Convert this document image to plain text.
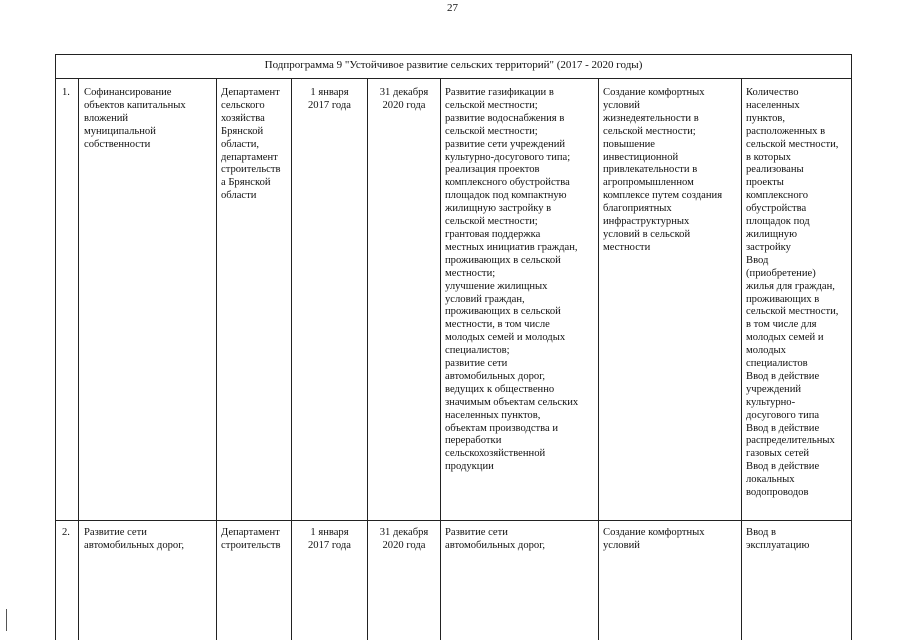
27
Подпрограмма 9 "Устойчивое развитие сельских территорий" (2017 - 2020 годы)
1. Софинансирование
объектов капитальных
вложений
муниципальной
собственности
Департамент
сельского
хозяйства
Брянской
области,
департамент
строительств
а Брянской
области
1 января
2017 года
31 декабря
2020 года
Развитие газификации в
сельской местности;
развитие водоснабжения в
сельской местности;
развитие сети учреждений
культурно-досугового типа;
реализация проектов
комплексного обустройства
площадок под компактную
жилищную застройку в
сельской местности;
грантовая поддержка
местных инициатив граждан,
проживающих в сельской
местности;
улучшение жилищных
условий граждан,
проживающих в сельской
местности, в том числе
молодых семей и молодых
специалистов;
развитие сети
автомобильных дорог,
ведущих к общественно
значимым объектам сельских
населенных пунктов,
объектам производства и
переработки
сельскохозяйственной
продукции
Создание комфортных
условий
жизнедеятельности в
сельской местности;
повышение
инвестиционной
привлекательности в
агропромышленном
комплексе путем создания
благоприятных
инфраструктурных
условий в сельской
местности
Количество
населенных
пунктов,
расположенных в
сельской местности,
в которых
реализованы
проекты
комплексного
обустройства
площадок под
жилищную
застройку
Ввод
(приобретение)
жилья для граждан,
проживающих в
сельской местности,
в том числе для
молодых семей и
молодых
специалистов
Ввод в действие
учреждений
культурно-
досугового типа
Ввод в действие
распределительных
газовых сетей
Ввод в действие
локальных
водопроводов
2. Развитие сети
автомобильных дорог,
Департамент
строительств
1 января
2017 года
31 декабря
2020 года
Развитие сети
автомобильных дорог,
Создание комфортных
условий
Ввод в
эксплуатацию
